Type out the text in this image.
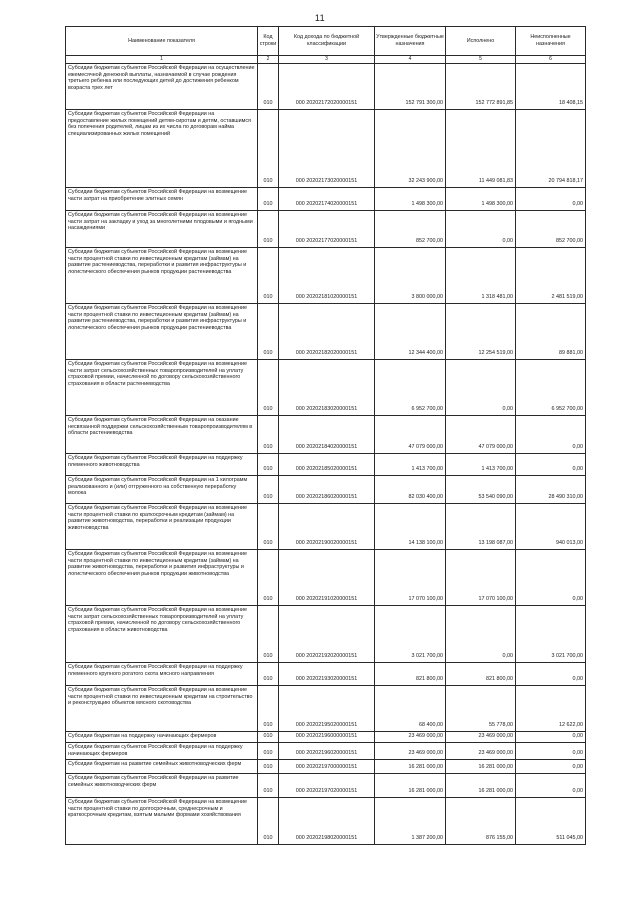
11
Наименование показателя	Код строки	Код дохода по бюджетной классификации	Утвержденные бюджетные назначения	Исполнено	Неисполненные назначения
1	2	3	4	5	6
Субсидии бюджетам субъектов Российской Федерации на осуществление ежемесячной денежной выплаты, назначаемой в случае рождения третьего ребенка или последующих детей до достижения ребенком возраста трех лет	010	000 20202172020000151	152 791 300,00	152 772 891,85	18 408,15
Субсидии бюджетам субъектов Российской Федерации на предоставление жилых помещений детям-сиротам и детям, оставшимся без попечения родителей, лицам из их числа по договорам найма специализированных жилых помещений	010	000 20202173020000151	32 243 900,00	11 449 081,83	20 794 818,17
Субсидии бюджетам субъектов Российской Федерации на возмещение части затрат на приобретение элитных семян	010	000 20202174020000151	1 498 300,00	1 498 300,00	0,00
Субсидии бюджетам субъектов Российской Федерации на возмещение части затрат на закладку и уход за многолетними плодовыми и ягодными насаждениями	010	000 20202177020000151	852 700,00	0,00	852 700,00
Субсидии бюджетам субъектов Российской Федерации на возмещение части процентной ставки по инвестиционным кредитам (займам) на развитие растениеводства, переработки и развития инфраструктуры и логистического обеспечения рынков продукции растениеводства	010	000 20202181020000151	3 800 000,00	1 318 481,00	2 481 519,00
Субсидии бюджетам субъектов Российской Федерации на возмещение части процентной ставки по инвестиционным кредитам (займам) на развитие растениеводства, переработки и развития инфраструктуры и логистического обеспечения рынков продукции растениеводства	010	000 20202182020000151	12 344 400,00	12 254 519,00	89 881,00
Субсидии бюджетам субъектов Российской Федерации на возмещение части затрат сельскохозяйственных товаропроизводителей на уплату страховой премии, начисленной по договору сельскохозяйственного страхования в области растениеводства	010	000 20202183020000151	6 952 700,00	0,00	6 952 700,00
Субсидии бюджетам субъектов Российской Федерации на оказание несвязанной поддержки сельскохозяйственным товаропроизводителям в области растениеводства	010	000 20202184020000151	47 079 000,00	47 079 000,00	0,00
Субсидии бюджетам субъектов Российской Федерации на поддержку племенного животноводства	010	000 20202185020000151	1 413 700,00	1 413 700,00	0,00
Субсидии бюджетам субъектов Российской Федерации на 1 килограмм реализованного и (или) отгруженного на собственную переработку молока	010	000 20202186020000151	82 030 400,00	53 540 090,00	28 490 310,00
Субсидии бюджетам субъектов Российской Федерации на возмещение части процентной ставки по краткосрочным кредитам (займам) на развитие животноводства, переработки и реализации продукции животноводства	010	000 20202190020000151	14 138 100,00	13 198 087,00	940 013,00
Субсидии бюджетам субъектов Российской Федерации на возмещение части процентной ставки по инвестиционным кредитам (займам) на развитие животноводства, переработки и развития инфраструктуры и логистического обеспечения рынков продукции животноводства	010	000 20202191020000151	17 070 100,00	17 070 100,00	0,00
Субсидии бюджетам субъектов Российской Федерации на возмещение части затрат сельскохозяйственных товаропроизводителей на уплату страховой премии, начисленной по договору сельскохозяйственного страхования в области животноводства	010	000 20202192020000151	3 021 700,00	0,00	3 021 700,00
Субсидии бюджетам субъектов Российской Федерации на поддержку племенного крупного рогатого скота мясного направления	010	000 20202193020000151	821 800,00	821 800,00	0,00
Субсидии бюджетам субъектов Российской Федерации на возмещение части процентной ставки по инвестиционным кредитам на строительство и реконструкцию объектов мясного скотоводства	010	000 20202195020000151	68 400,00	55 778,00	12 622,00
Субсидии бюджетам на поддержку начинающих фермеров	010	000 20202196000000151	23 469 000,00	23 469 000,00	0,00
Субсидии бюджетам субъектов Российской Федерации на поддержку начинающих фермеров	010	000 20202196020000151	23 469 000,00	23 469 000,00	0,00
Субсидии бюджетам на развитие семейных животноводческих ферм	010	000 20202197000000151	16 281 000,00	16 281 000,00	0,00
Субсидии бюджетам субъектов Российской Федерации на развитие семейных животноводческих ферм	010	000 20202197020000151	16 281 000,00	16 281 000,00	0,00
Субсидии бюджетам субъектов Российской Федерации на возмещение части процентной ставки по долгосрочным, среднесрочным и краткосрочным кредитам, взятым малыми формами хозяйствования	010	000 20202198020000151	1 387 200,00	876 155,00	511 045,00
